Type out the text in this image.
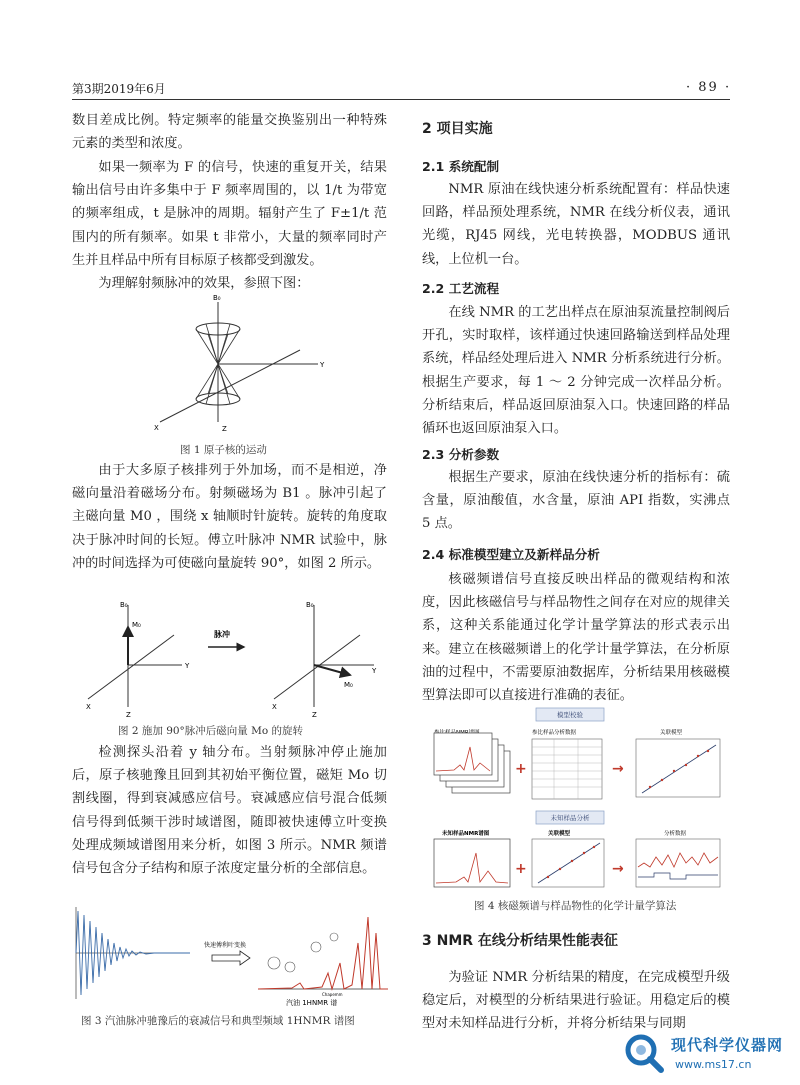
第3期2019年6月	· 89 ·

数目差成比例。特定频率的能量交换鉴别出一种特殊元素的类型和浓度。

如果一频率为 F 的信号，快速的重复开关，结果输出信号由许多集中于 F 频率周围的，以 1/t 为带宽的频率组成，t 是脉冲的周期。辐射产生了 F±1/t 范围内的所有频率。如果 t 非常小，大量的频率同时产生并且样品中所有目标原子核都受到激发。

为理解射频脉冲的效果，参照下图：

B₀
Y
X	Z
图 1 原子核的运动

由于大多原子核排列于外加场，而不是相逆，净磁向量沿着磁场分布。射频磁场为 B1 。脉冲引起了主磁向量 M0 ，围绕 x 轴顺时针旋转。旋转的角度取决于脉冲时间的长短。傅立叶脉冲 NMR 试验中，脉冲的时间选择为可使磁向量旋转 90°，如图 2 所示。

B₀
M₀
Y
X
Z
脉冲
B₀
M₀
Y
X
Z
图 2 施加 90°脉冲后磁向量 Mo 的旋转

检测探头沿着 y 轴分布。当射频脉冲停止施加后，原子核驰豫且回到其初始平衡位置，磁矩 Mo 切割线圈，得到衰减感应信号。衰减感应信号混合低频信号得到低频干涉时域谱图，随即被快速傅立叶变换处理成频域谱图用来分析，如图 3 所示。NMR 频谱信号包含分子结构和原子浓度定量分析的全部信息。

快速傅利叶变换
Chapemm
汽油 1HNMR 谱
图 3 汽油脉冲驰豫后的衰减信号和典型频域 1HNMR 谱图
2 项目实施
2.1 系统配制

NMR 原油在线快速分析系统配置有：样品快速回路，样品预处理系统，NMR 在线分析仪表，通讯光缆，RJ45 网线，光电转换器，MODBUS 通讯线，上位机一台。

2.2 工艺流程

在线 NMR 的工艺出样点在原油泵流量控制阀后开孔，实时取样，该样通过快速回路输送到样品处理系统，样品经处理后进入 NMR 分析系统进行分析。根据生产要求，每 1 ～ 2 分钟完成一次样品分析。分析结束后，样品返回原油泵入口。快速回路的样品循环也返回原油泵入口。

2.3 分析参数

根据生产要求，原油在线快速分析的指标有：硫含量，原油酸值，水含量，原油 API 指数，实沸点 5 点。

2.4 标准模型建立及新样品分析

核磁频谱信号直接反映出样品的微观结构和浓度，因此核磁信号与样品物性之间存在对应的规律关系，这种关系能通过化学计量学算法的形式表示出来。 建立在核磁频谱上的化学计量学算法，在分析原油的过程中，不需要原油数据库，分析结果用核磁模型算法即可以直接进行准确的表征。

模型校验
+
参比样品分析数据
→
关联模型
未知样品分析
未知样品NMR谱图
+
关联模型
→
分析数据
图 4 核磁频谱与样品物性的化学计量学算法
3 NMR 在线分析结果性能表征

为验证 NMR 分析结果的精度，在完成模型升级稳定后，对模型的分析结果进行验证。用稳定后的模型对未知样品进行分析，并将分析结果与同期

现代科学仪器网
www.ms17.cn
